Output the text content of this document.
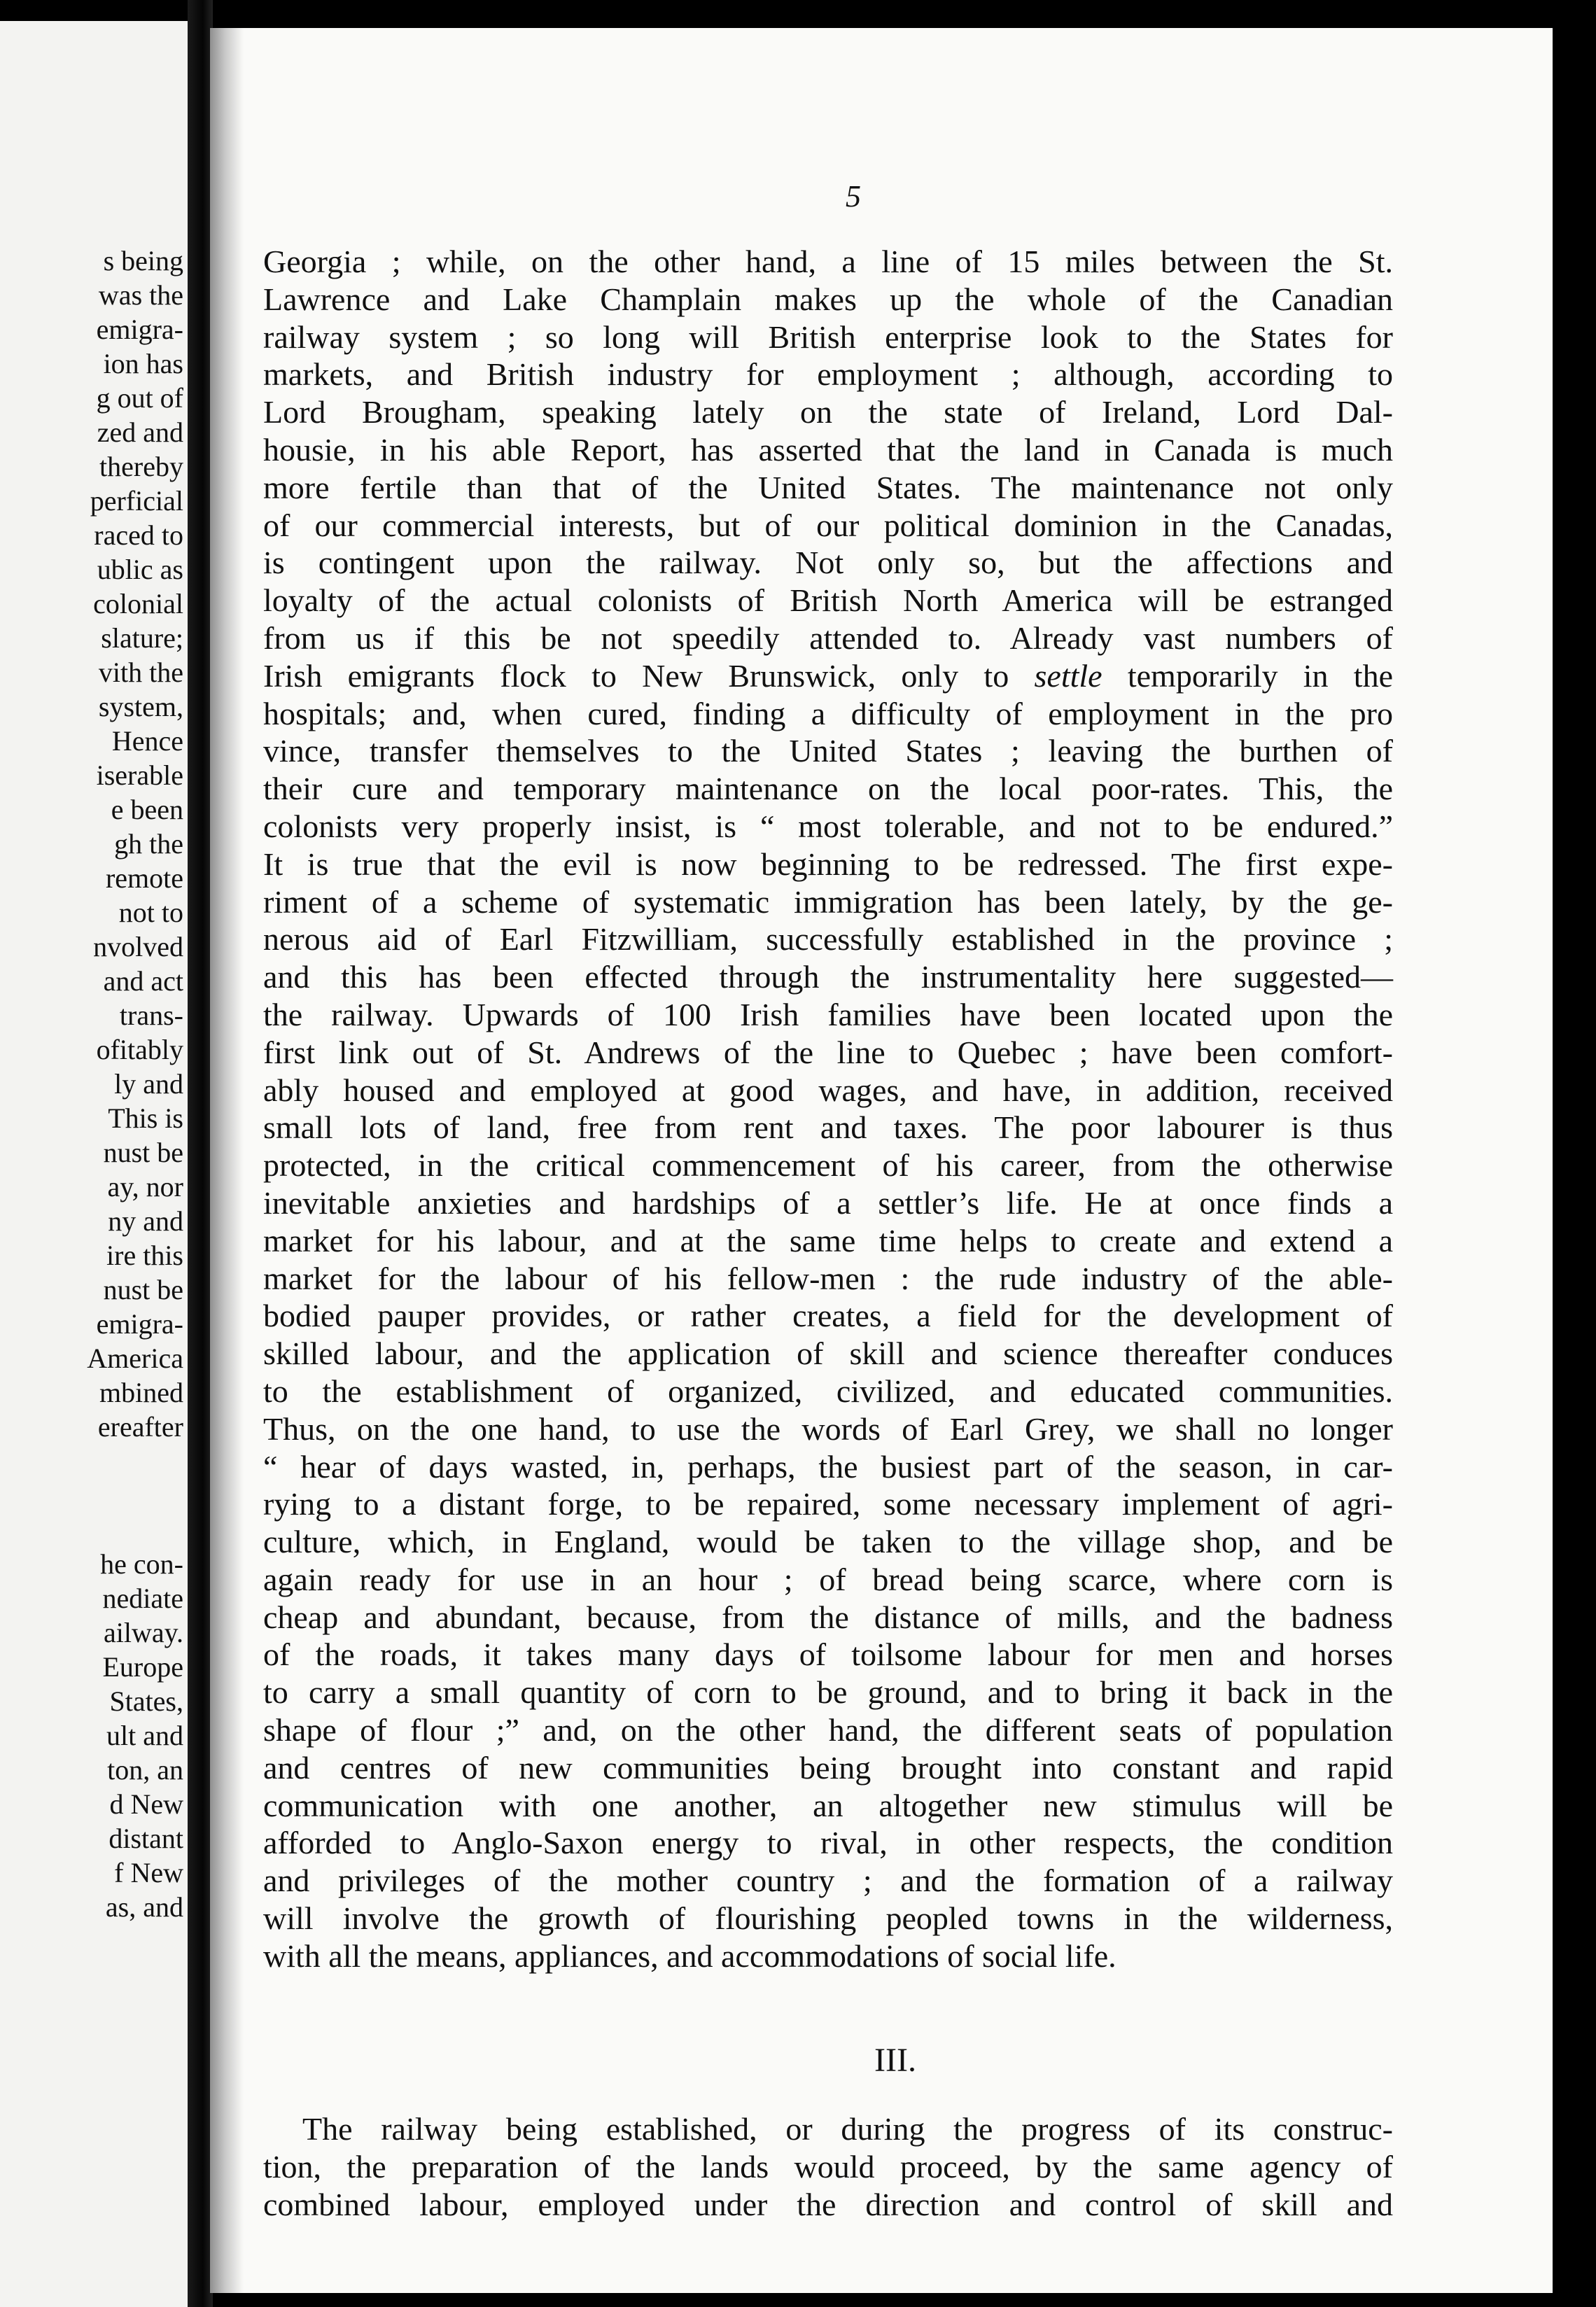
s being
was the
emigra-
ion has
g out of
zed and
thereby
perficial
raced to
ublic as
colonial
slature;
vith the
system,
Hence
iserable
e been
gh the
remote
not to
nvolved
and act
trans-
ofitably
ly and
This is
nust be
ay, nor
ny and
ire this
nust be
emigra-
America
mbined
ereafter
he con-
nediate
ailway.
Europe
States,
ult and
ton, an
d New
distant
f New
as, and
5
Georgia ; while, on the other hand, a line of 15 miles between the St.
Lawrence and Lake Champlain makes up the whole of the Canadian
railway system ; so long will British enterprise look to the States for
markets, and British industry for employment ; although, according to
Lord Brougham, speaking lately on the state of Ireland, Lord Dal-
housie, in his able Report, has asserted that the land in Canada is much
more fertile than that of the United States. The maintenance not only
of our commercial interests, but of our political dominion in the Canadas,
is contingent upon the railway. Not only so, but the affections and
loyalty of the actual colonists of British North America will be estranged
from us if this be not speedily attended to. Already vast numbers of
Irish emigrants flock to New Brunswick, only to settle temporarily in the
hospitals; and, when cured, finding a difficulty of employment in the pro
vince, transfer themselves to the United States ; leaving the burthen of
their cure and temporary maintenance on the local poor-rates. This, the
colonists very properly insist, is “ most tolerable, and not to be endured.”
It is true that the evil is now beginning to be redressed. The first expe-
riment of a scheme of systematic immigration has been lately, by the ge-
nerous aid of Earl Fitzwilliam, successfully established in the province ;
and this has been effected through the instrumentality here suggested—
the railway. Upwards of 100 Irish families have been located upon the
first link out of St. Andrews of the line to Quebec ; have been comfort-
ably housed and employed at good wages, and have, in addition, received
small lots of land, free from rent and taxes. The poor labourer is thus
protected, in the critical commencement of his career, from the otherwise
inevitable anxieties and hardships of a settler’s life. He at once finds a
market for his labour, and at the same time helps to create and extend a
market for the labour of his fellow-men : the rude industry of the able-
bodied pauper provides, or rather creates, a field for the development of
skilled labour, and the application of skill and science thereafter conduces
to the establishment of organized, civilized, and educated communities.
Thus, on the one hand, to use the words of Earl Grey, we shall no longer
“ hear of days wasted, in, perhaps, the busiest part of the season, in car-
rying to a distant forge, to be repaired, some necessary implement of agri-
culture, which, in England, would be taken to the village shop, and be
again ready for use in an hour ; of bread being scarce, where corn is
cheap and abundant, because, from the distance of mills, and the badness
of the roads, it takes many days of toilsome labour for men and horses
to carry a small quantity of corn to be ground, and to bring it back in the
shape of flour ;” and, on the other hand, the different seats of population
and centres of new communities being brought into constant and rapid
communication with one another, an altogether new stimulus will be
afforded to Anglo-Saxon energy to rival, in other respects, the condition
and privileges of the mother country ; and the formation of a railway
will involve the growth of flourishing peopled towns in the wilderness,
with all the means, appliances, and accommodations of social life.
III.
The railway being established, or during the progress of its construc-
tion, the preparation of the lands would proceed, by the same agency of
combined labour, employed under the direction and control of skill and
